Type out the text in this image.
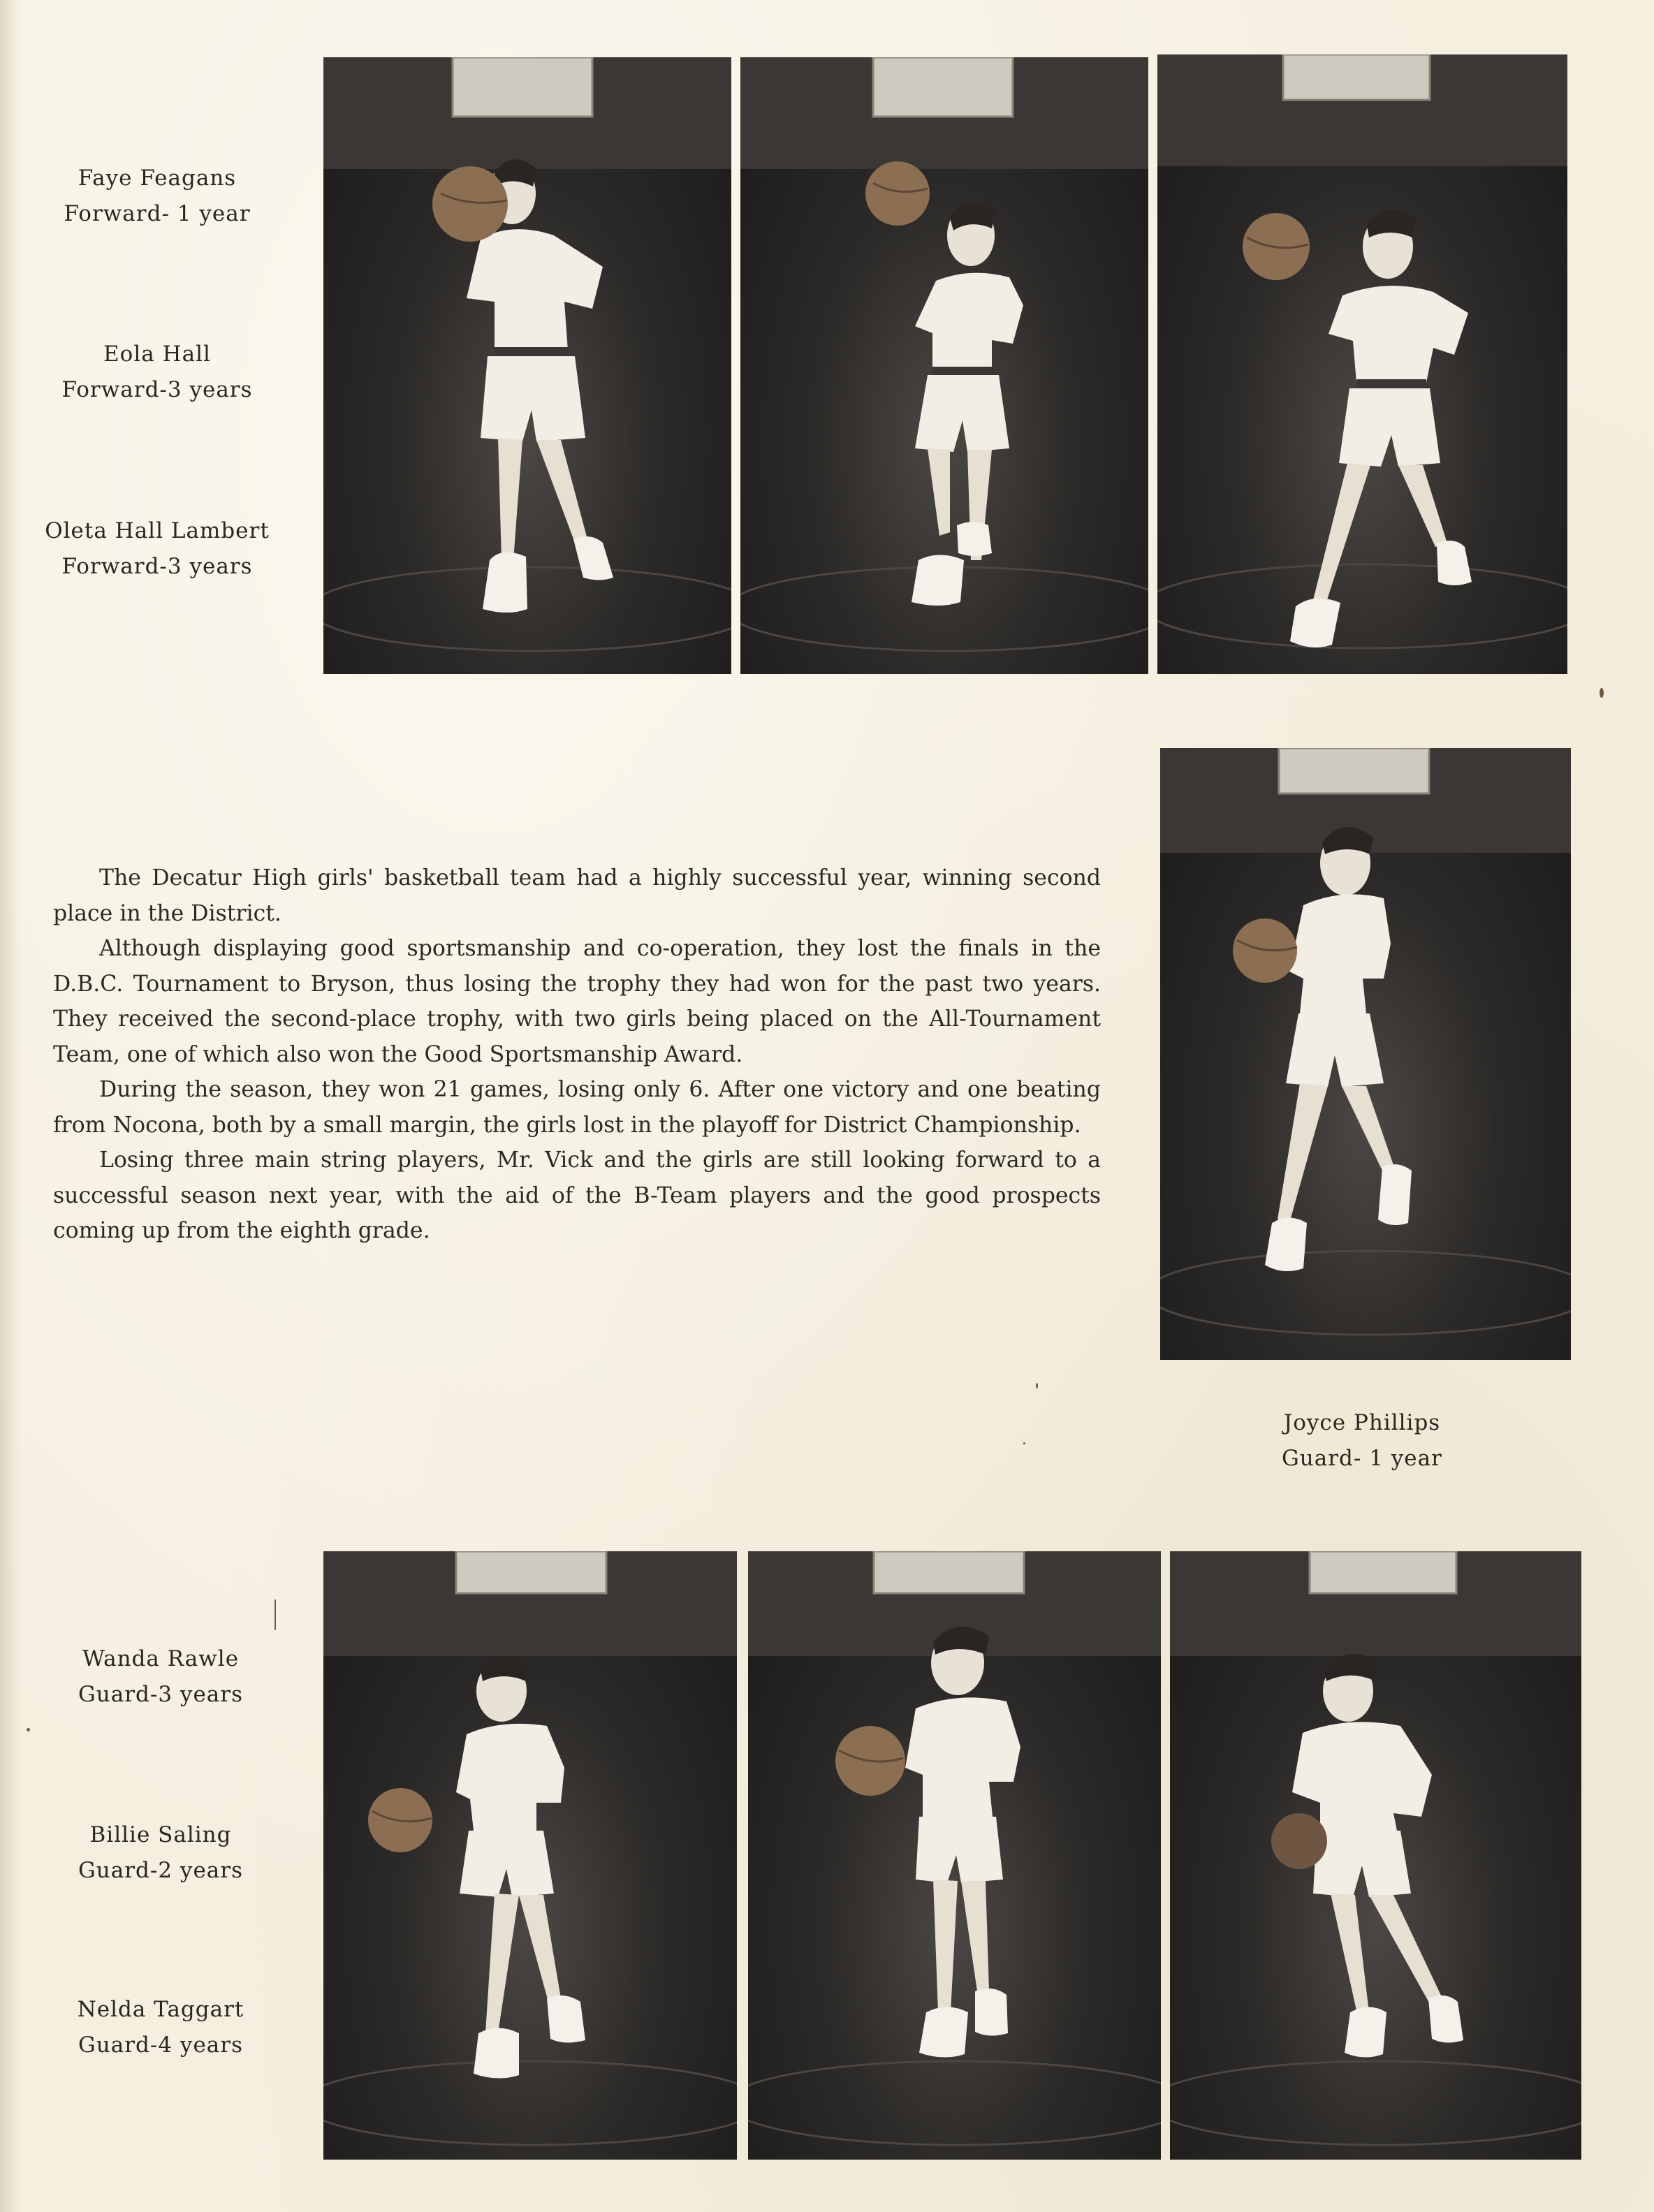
Faye Feagans
Forward- 1 year
Eola Hall
Forward-3 years
Oleta Hall Lambert
Forward-3 years

The Decatur High girls' basketball team had a highly successful year, winning second place in the District.

Although displaying good sportsmanship and co-operation, they lost the finals in the D.B.C. Tournament to Bryson, thus losing the trophy they had won for the past two years. They received the second-place trophy, with two girls being placed on the All-Tournament Team, one of which also won the Good Sportsmanship Award.

During the season, they won 21 games, losing only 6. After one victory and one beating from Nocona, both by a small margin, the girls lost in the playoff for District Championship.

Losing three main string players, Mr. Vick and the girls are still looking forward to a successful season next year, with the aid of the B-Team players and the good prospects coming up from the eighth grade.

Joyce Phillips
Guard- 1 year
Wanda Rawle
Guard-3 years
Billie Saling
Guard-2 years
Nelda Taggart
Guard-4 years
